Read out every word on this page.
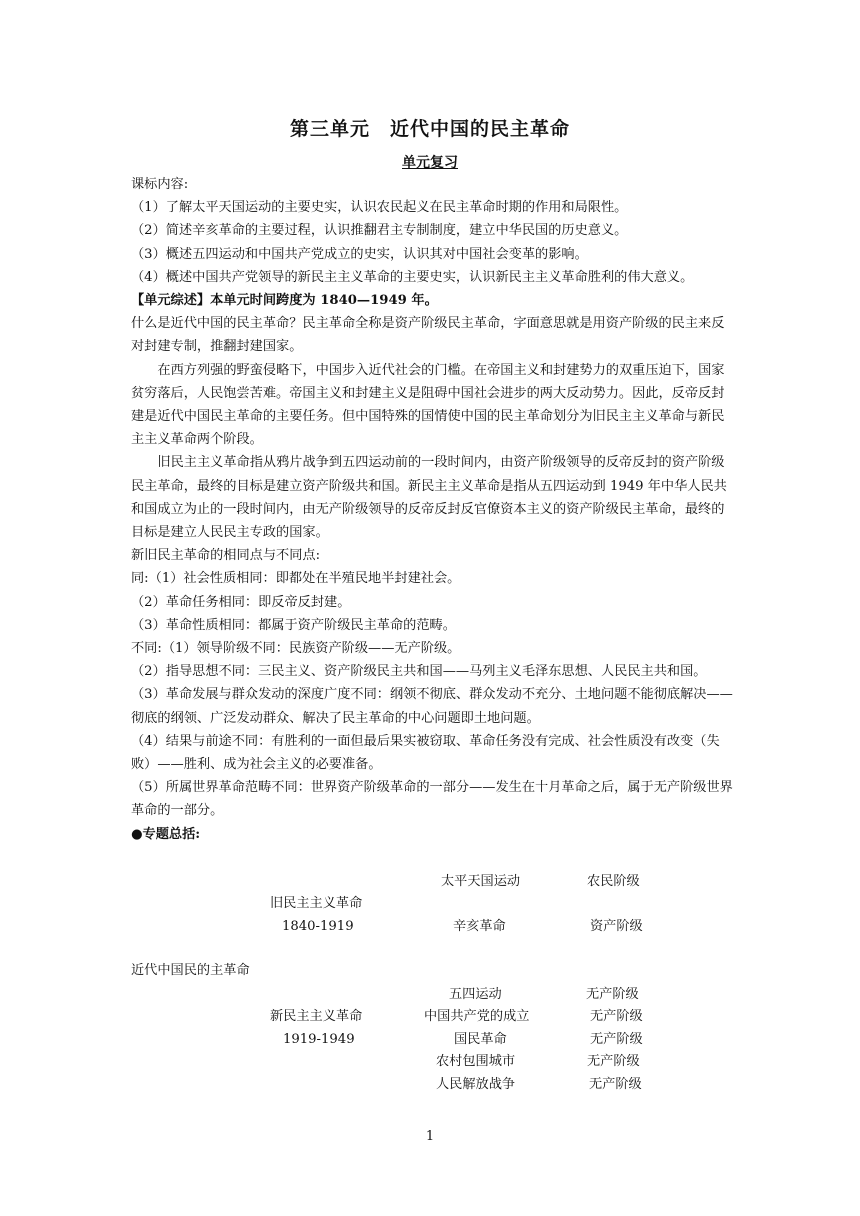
第三单元　近代中国的民主革命
单元复习

课标内容:

（1）了解太平天国运动的主要史实，认识农民起义在民主革命时期的作用和局限性。

（2）简述辛亥革命的主要过程，认识推翻君主专制制度，建立中华民国的历史意义。

（3）概述五四运动和中国共产党成立的史实，认识其对中国社会变革的影响。

（4）概述中国共产党领导的新民主主义革命的主要史实，认识新民主主义革命胜利的伟大意义。

【单元综述】本单元时间跨度为 1840—1949 年。

什么是近代中国的民主革命？民主革命全称是资产阶级民主革命，字面意思就是用资产阶级的民主来反对封建专制，推翻封建国家。

在西方列强的野蛮侵略下，中国步入近代社会的门槛。在帝国主义和封建势力的双重压迫下，国家贫穷落后，人民饱尝苦难。帝国主义和封建主义是阻碍中国社会进步的两大反动势力。因此，反帝反封建是近代中国民主革命的主要任务。但中国特殊的国情使中国的民主革命划分为旧民主主义革命与新民主主义革命两个阶段。

旧民主主义革命指从鸦片战争到五四运动前的一段时间内，由资产阶级领导的反帝反封的资产阶级民主革命，最终的目标是建立资产阶级共和国。新民主主义革命是指从五四运动到 1949 年中华人民共和国成立为止的一段时间内，由无产阶级领导的反帝反封反官僚资本主义的资产阶级民主革命，最终的目标是建立人民民主专政的国家。

新旧民主革命的相同点与不同点:

同:（1）社会性质相同：即都处在半殖民地半封建社会。

（2）革命任务相同：即反帝反封建。

（3）革命性质相同：都属于资产阶级民主革命的范畴。

不同:（1）领导阶级不同：民族资产阶级——无产阶级。

（2）指导思想不同：三民主义、资产阶级民主共和国——马列主义毛泽东思想、人民民主共和国。

（3）革命发展与群众发动的深度广度不同：纲领不彻底、群众发动不充分、土地问题不能彻底解决——彻底的纲领、广泛发动群众、解决了民主革命的中心问题即土地问题。

（4）结果与前途不同：有胜利的一面但最后果实被窃取、革命任务没有完成、社会性质没有改变（失败）——胜利、成为社会主义的必要准备。

（5）所属世界革命范畴不同：世界资产阶级革命的一部分——发生在十月革命之后，属于无产阶级世界革命的一部分。

●专题总括:

近代中国民的主革命
旧民主主义革命
1840-1919
太平天国运动	农民阶级
辛亥革命	资产阶级
新民主主义革命
1919-1949
五四运动	无产阶级
中国共产党的成立	无产阶级
国民革命	无产阶级
农村包围城市	无产阶级
人民解放战争	无产阶级
1
